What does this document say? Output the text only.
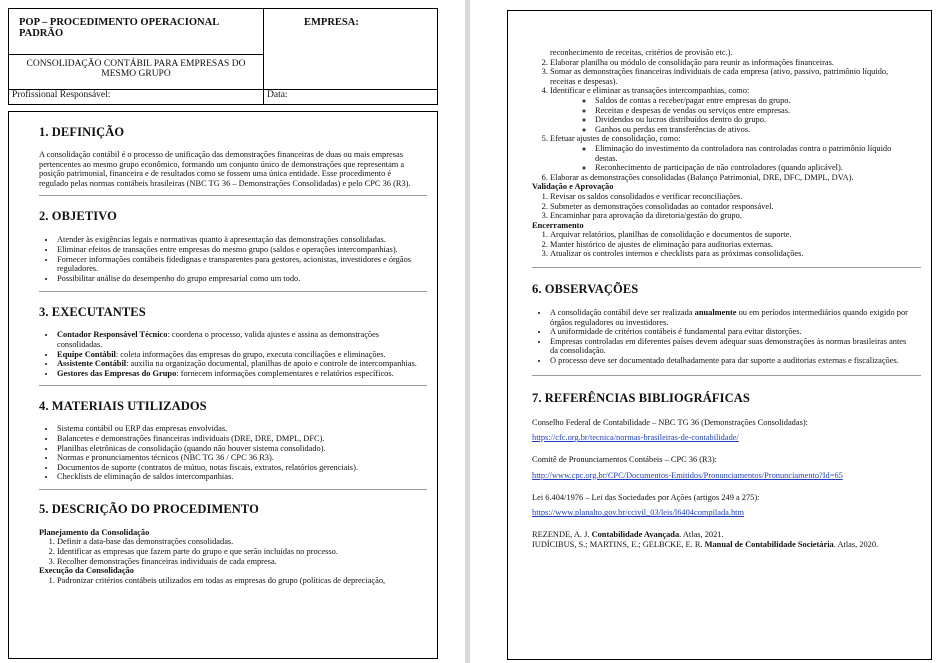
POP – PROCEDIMENTO OPERACIONAL PADRÃO	EMPRESA:
CONSOLIDAÇÃO CONTÁBIL PARA EMPRESAS DO MESMO GRUPO	
Profissional Responsável:	Data:
1. DEFINIÇÃO

A consolidação contábil é o processo de unificação das demonstrações financeiras de duas ou mais empresas pertencentes ao mesmo grupo econômico, formando um conjunto único de demonstrações que representam a posição patrimonial, financeira e de resultados como se fossem uma única entidade. Esse procedimento é regulado pelas normas contábeis brasileiras (NBC TG 36 – Demonstrações Consolidadas) e pelo CPC 36 (R3).

2. OBJETIVO
• Atender às exigências legais e normativas quanto à apresentação das demonstrações consolidadas.
• Eliminar efeitos de transações entre empresas do mesmo grupo (saldos e operações intercompanhias).
• Fornecer informações contábeis fidedignas e transparentes para gestores, acionistas, investidores e órgãos reguladores.
• Possibilitar análise do desempenho do grupo empresarial como um todo.
3. EXECUTANTES
• Contador Responsável Técnico: coordena o processo, valida ajustes e assina as demonstrações consolidadas.
• Equipe Contábil: coleta informações das empresas do grupo, executa conciliações e eliminações.
• Assistente Contábil: auxilia na organização documental, planilhas de apoio e controle de intercompanhias.
• Gestores das Empresas do Grupo: fornecem informações complementares e relatórios específicos.
4. MATERIAIS UTILIZADOS
• Sistema contábil ou ERP das empresas envolvidas.
• Balancetes e demonstrações financeiras individuais (DRE, DRE, DMPL, DFC).
• Planilhas eletrônicas de consolidação (quando não houver sistema consolidado).
• Normas e pronunciamentos técnicos (NBC TG 36 / CPC 36 R3).
• Documentos de suporte (contratos de mútuo, notas fiscais, extratos, relatórios gerenciais).
• Checklists de eliminação de saldos intercompanhias.
5. DESCRIÇÃO DO PROCEDIMENTO
Planejamento da Consolidação
1. Definir a data-base das demonstrações consolidadas.
2. Identificar as empresas que fazem parte do grupo e que serão incluídas no processo.
3. Recolher demonstrações financeiras individuais de cada empresa.
Execução da Consolidação
1. Padronizar critérios contábeis utilizados em todas as empresas do grupo (políticas de depreciação,

reconhecimento de receitas, critérios de provisão etc.).

2. Elaborar planilha ou módulo de consolidação para reunir as informações financeiras.
3. Somar as demonstrações financeiras individuais de cada empresa (ativo, passivo, patrimônio líquido, receitas e despesas).
4. Identificar e eliminar as transações intercompanhias, como:
◦ Saldos de contas a receber/pagar entre empresas do grupo.
◦ Receitas e despesas de vendas ou serviços entre empresas.
◦ Dividendos ou lucros distribuídos dentro do grupo.
◦ Ganhos ou perdas em transferências de ativos.
5. Efetuar ajustes de consolidação, como:
◦ Eliminação do investimento da controladora nas controladas contra o patrimônio líquido destas.
◦ Reconhecimento de participação de não controladores (quando aplicável).
6. Elaborar as demonstrações consolidadas (Balanço Patrimonial, DRE, DFC, DMPL, DVA).
Validação e Aprovação
1. Revisar os saldos consolidados e verificar reconciliações.
2. Submeter as demonstrações consolidadas ao contador responsável.
3. Encaminhar para aprovação da diretoria/gestão do grupo.
Encerramento
1. Arquivar relatórios, planilhas de consolidação e documentos de suporte.
2. Manter histórico de ajustes de eliminação para auditorias externas.
3. Atualizar os controles internos e checklists para as próximas consolidações.
6. OBSERVAÇÕES
• A consolidação contábil deve ser realizada anualmente ou em períodos intermediários quando exigido por órgãos reguladores ou investidores.
• A uniformidade de critérios contábeis é fundamental para evitar distorções.
• Empresas controladas em diferentes países devem adequar suas demonstrações às normas brasileiras antes da consolidação.
• O processo deve ser documentado detalhadamente para dar suporte a auditorias externas e fiscalizações.
7. REFERÊNCIAS BIBLIOGRÁFICAS

Conselho Federal de Contabilidade – NBC TG 36 (Demonstrações Consolidadas):

https://cfc.org.br/tecnica/normas-brasileiras-de-contabilidade/

Comitê de Pronunciamentos Contábeis – CPC 36 (R3):

http://www.cpc.org.br/CPC/Documentos-Emitidos/Pronunciamentos/Pronunciamento?Id=65

Lei 6.404/1976 – Lei das Sociedades por Ações (artigos 249 a 275):

https://www.planalto.gov.br/ccivil_03/leis/l6404compilada.htm

REZENDE, A. J. Contabilidade Avançada. Atlas, 2021.

IUDÍCIBUS, S.; MARTINS, E.; GELBCKE, E. R. Manual de Contabilidade Societária. Atlas, 2020.
